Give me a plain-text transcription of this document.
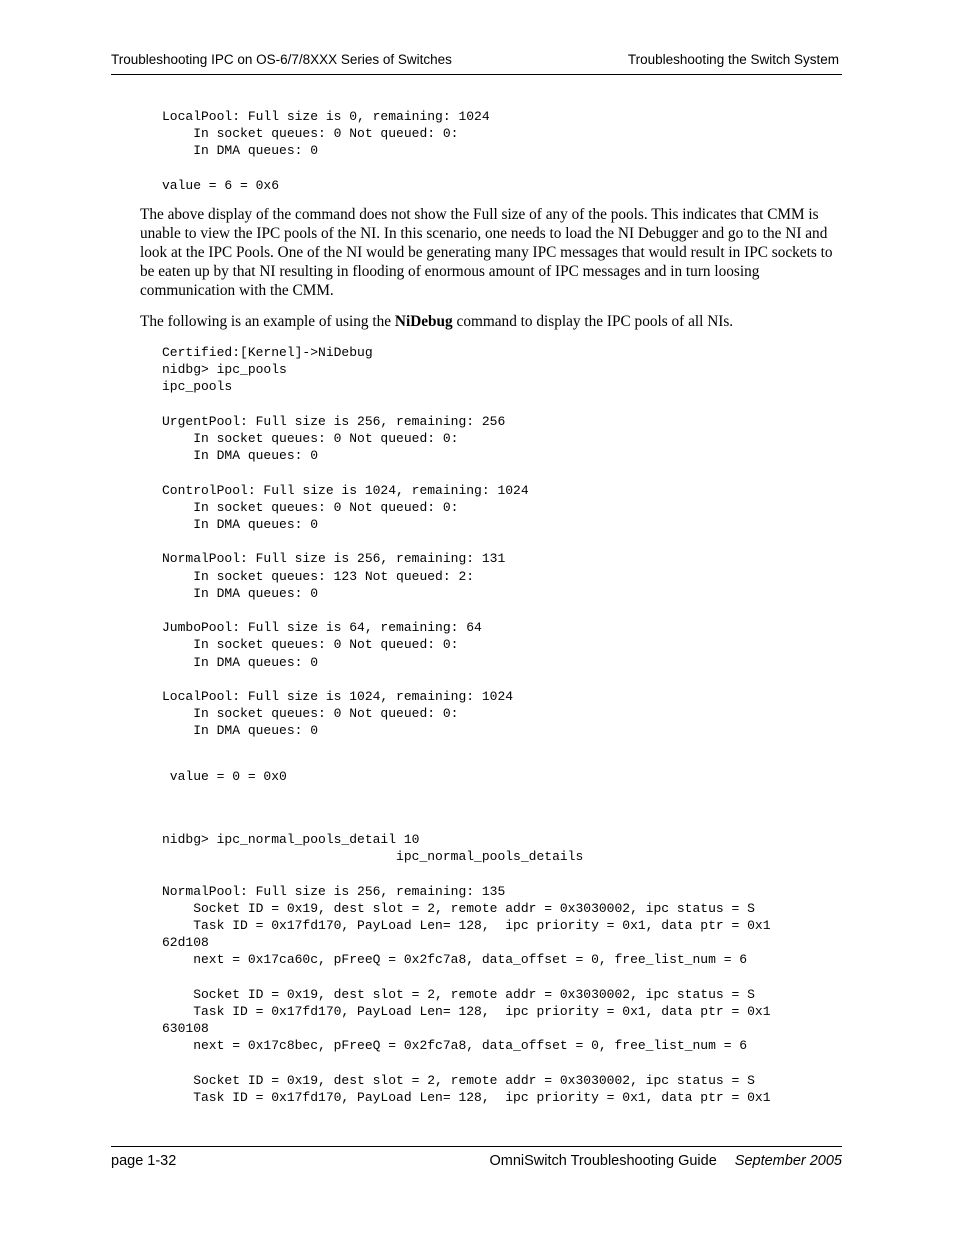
Troubleshooting IPC on OS-6/7/8XXX Series of Switches	Troubleshooting the Switch System
LocalPool: Full size is 0, remaining: 1024
In socket queues: 0 Not queued: 0:
In DMA queues: 0

value = 6 = 0x6

The above display of the command does not show the Full size of any of the pools. This indicates that CMM is unable to view the IPC pools of the NI. In this scenario, one needs to load the NI Debugger and go to the NI and look at the IPC Pools. One of the NI would be generating many IPC messages that would result in IPC sockets to be eaten up by that NI resulting in flooding of enormous amount of IPC messages and in turn loosing communication with the CMM.

The following is an example of using the NiDebug command to display the IPC pools of all NIs.

Certified:[Kernel]->NiDebug
nidbg> ipc_pools
ipc_pools

UrgentPool: Full size is 256, remaining: 256
In socket queues: 0 Not queued: 0:
In DMA queues: 0

ControlPool: Full size is 1024, remaining: 1024
In socket queues: 0 Not queued: 0:
In DMA queues: 0

NormalPool: Full size is 256, remaining: 131
In socket queues: 123 Not queued: 2:
In DMA queues: 0

JumboPool: Full size is 64, remaining: 64
In socket queues: 0 Not queued: 0:
In DMA queues: 0

LocalPool: Full size is 1024, remaining: 1024
In socket queues: 0 Not queued: 0:
In DMA queues: 0
value = 0 = 0x0
nidbg> ipc_normal_pools_detail 10
ipc_normal_pools_details

NormalPool: Full size is 256, remaining: 135
Socket ID = 0x19, dest slot = 2, remote addr = 0x3030002, ipc status = S
Task ID = 0x17fd170, PayLoad Len= 128,  ipc priority = 0x1, data ptr = 0x1
62d108
next = 0x17ca60c, pFreeQ = 0x2fc7a8, data_offset = 0, free_list_num = 6

Socket ID = 0x19, dest slot = 2, remote addr = 0x3030002, ipc status = S
Task ID = 0x17fd170, PayLoad Len= 128,  ipc priority = 0x1, data ptr = 0x1
630108
next = 0x17c8bec, pFreeQ = 0x2fc7a8, data_offset = 0, free_list_num = 6

Socket ID = 0x19, dest slot = 2, remote addr = 0x3030002, ipc status = S
Task ID = 0x17fd170, PayLoad Len= 128,  ipc priority = 0x1, data ptr = 0x1
page 1-32	OmniSwitch Troubleshooting Guide September 2005
